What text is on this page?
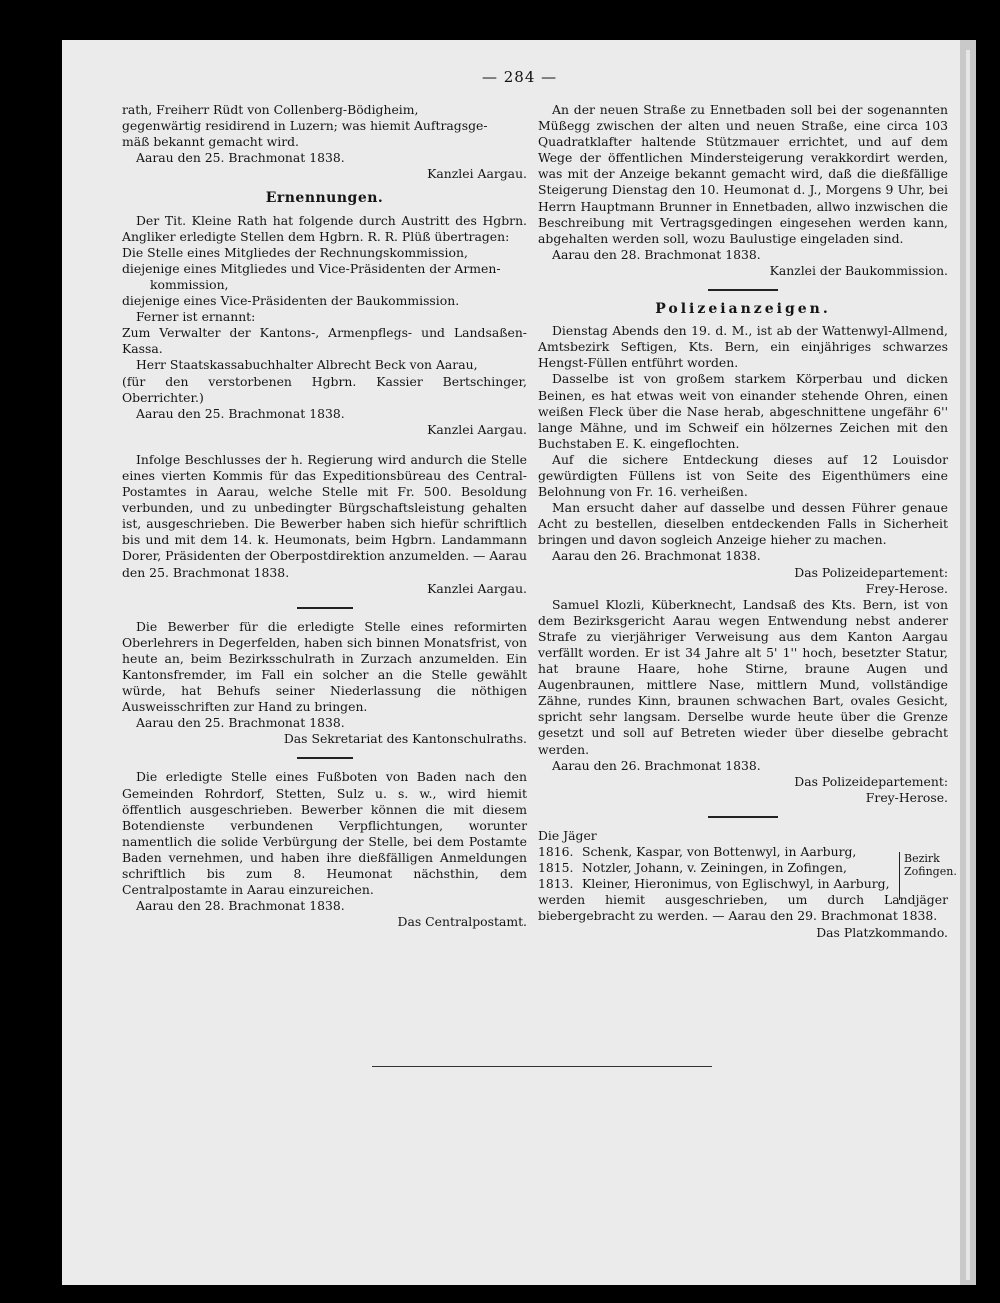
— 284 —

rath, Freiherr Rüdt von Collenberg-Bödigheim,

gegenwärtig residirend in Luzern; was hiemit Auftragsge-

mäß bekannt gemacht wird.

Aarau den 25. Brachmonat 1838.

Kanzlei Aargau.

Ernennungen.

Der Tit. Kleine Rath hat folgende durch Austritt des Hgbrn. Angliker erledigte Stellen dem Hgbrn. R. R. Plüß übertragen:

Die Stelle eines Mitgliedes der Rechnungskommission,

diejenige eines Mitgliedes und Vice-Präsidenten der Armen-

kommission,

diejenige eines Vice-Präsidenten der Baukommission.

Ferner ist ernannt:

Zum Verwalter der Kantons-, Armenpflegs- und Landsaßen-Kassa.

Herr Staatskassabuchhalter Albrecht Beck von Aarau,

(für den verstorbenen Hgbrn. Kassier Bertschinger, Oberrichter.)

Aarau den 25. Brachmonat 1838.

Kanzlei Aargau.

Infolge Beschlusses der h. Regierung wird andurch die Stelle eines vierten Kommis für das Expeditionsbüreau des Central-Postamtes in Aarau, welche Stelle mit Fr. 500. Besoldung verbunden, und zu unbedingter Bürgschaftsleistung gehalten ist, ausgeschrieben. Die Bewerber haben sich hiefür schriftlich bis und mit dem 14. k. Heumonats, beim Hgbrn. Landammann Dorer, Präsidenten der Oberpostdirektion anzumelden. — Aarau den 25. Brachmonat 1838.

Kanzlei Aargau.

Die Bewerber für die erledigte Stelle eines reformirten Oberlehrers in Degerfelden, haben sich binnen Monatsfrist, von heute an, beim Bezirksschulrath in Zurzach anzumelden. Ein Kantonsfremder, im Fall ein solcher an die Stelle gewählt würde, hat Behufs seiner Niederlassung die nöthigen Ausweisschriften zur Hand zu bringen.

Aarau den 25. Brachmonat 1838.

Das Sekretariat des Kantonschulraths.

Die erledigte Stelle eines Fußboten von Baden nach den Gemeinden Rohrdorf, Stetten, Sulz u. s. w., wird hiemit öffentlich ausgeschrieben. Bewerber können die mit diesem Botendienste verbundenen Verpflichtungen, worunter namentlich die solide Verbürgung der Stelle, bei dem Postamte Baden vernehmen, und haben ihre dießfälligen Anmeldungen schriftlich bis zum 8. Heumonat nächsthin, dem Centralpostamte in Aarau einzureichen.

Aarau den 28. Brachmonat 1838.

Das Centralpostamt.

An der neuen Straße zu Ennetbaden soll bei der sogenannten Müßegg zwischen der alten und neuen Straße, eine circa 103 Quadratklafter haltende Stützmauer errichtet, und auf dem Wege der öffentlichen Mindersteigerung verakkordirt werden, was mit der Anzeige bekannt gemacht wird, daß die dießfällige Steigerung Dienstag den 10. Heumonat d. J., Morgens 9 Uhr, bei Herrn Hauptmann Brunner in Ennetbaden, allwo inzwischen die Beschreibung mit Vertragsgedingen eingesehen werden kann, abgehalten werden soll, wozu Baulustige eingeladen sind.

Aarau den 28. Brachmonat 1838.

Kanzlei der Baukommission.

Polizeianzeigen.

Dienstag Abends den 19. d. M., ist ab der Wattenwyl-Allmend, Amtsbezirk Seftigen, Kts. Bern, ein einjähriges schwarzes Hengst-Füllen entführt worden.

Dasselbe ist von großem starkem Körperbau und dicken Beinen, es hat etwas weit von einander stehende Ohren, einen weißen Fleck über die Nase herab, abgeschnittene ungefähr 6'' lange Mähne, und im Schweif ein hölzernes Zeichen mit den Buchstaben E. K. eingeflochten.

Auf die sichere Entdeckung dieses auf 12 Louisdor gewürdigten Füllens ist von Seite des Eigenthümers eine Belohnung von Fr. 16. verheißen.

Man ersucht daher auf dasselbe und dessen Führer genaue Acht zu bestellen, dieselben entdeckenden Falls in Sicherheit bringen und davon sogleich Anzeige hieher zu machen.

Aarau den 26. Brachmonat 1838.

Das Polizeidepartement:

Frey-Herose.

Samuel Klozli, Küberknecht, Landsaß des Kts. Bern, ist von dem Bezirksgericht Aarau wegen Entwendung nebst anderer Strafe zu vierjähriger Verweisung aus dem Kanton Aargau verfällt worden. Er ist 34 Jahre alt 5' 1'' hoch, besetzter Statur, hat braune Haare, hohe Stirne, braune Augen und Augenbraunen, mittlere Nase, mittlern Mund, vollständige Zähne, rundes Kinn, braunen schwachen Bart, ovales Gesicht, spricht sehr langsam. Derselbe wurde heute über die Grenze gesetzt und soll auf Betreten wieder über dieselbe gebracht werden.

Aarau den 26. Brachmonat 1838.

Das Polizeidepartement:

Frey-Herose.

Die Jäger

1816. Schenk, Kaspar, von Bottenwyl, in Aarburg,
1815. Notzler, Johann, v. Zeiningen, in Zofingen,
1813. Kleiner, Hieronimus, von Eglischwyl, in Aarburg,
Bezirk Zofingen.

werden hiemit ausgeschrieben, um durch Landjäger biebergebracht zu werden. — Aarau den 29. Brachmonat 1838.

Das Platzkommando.
